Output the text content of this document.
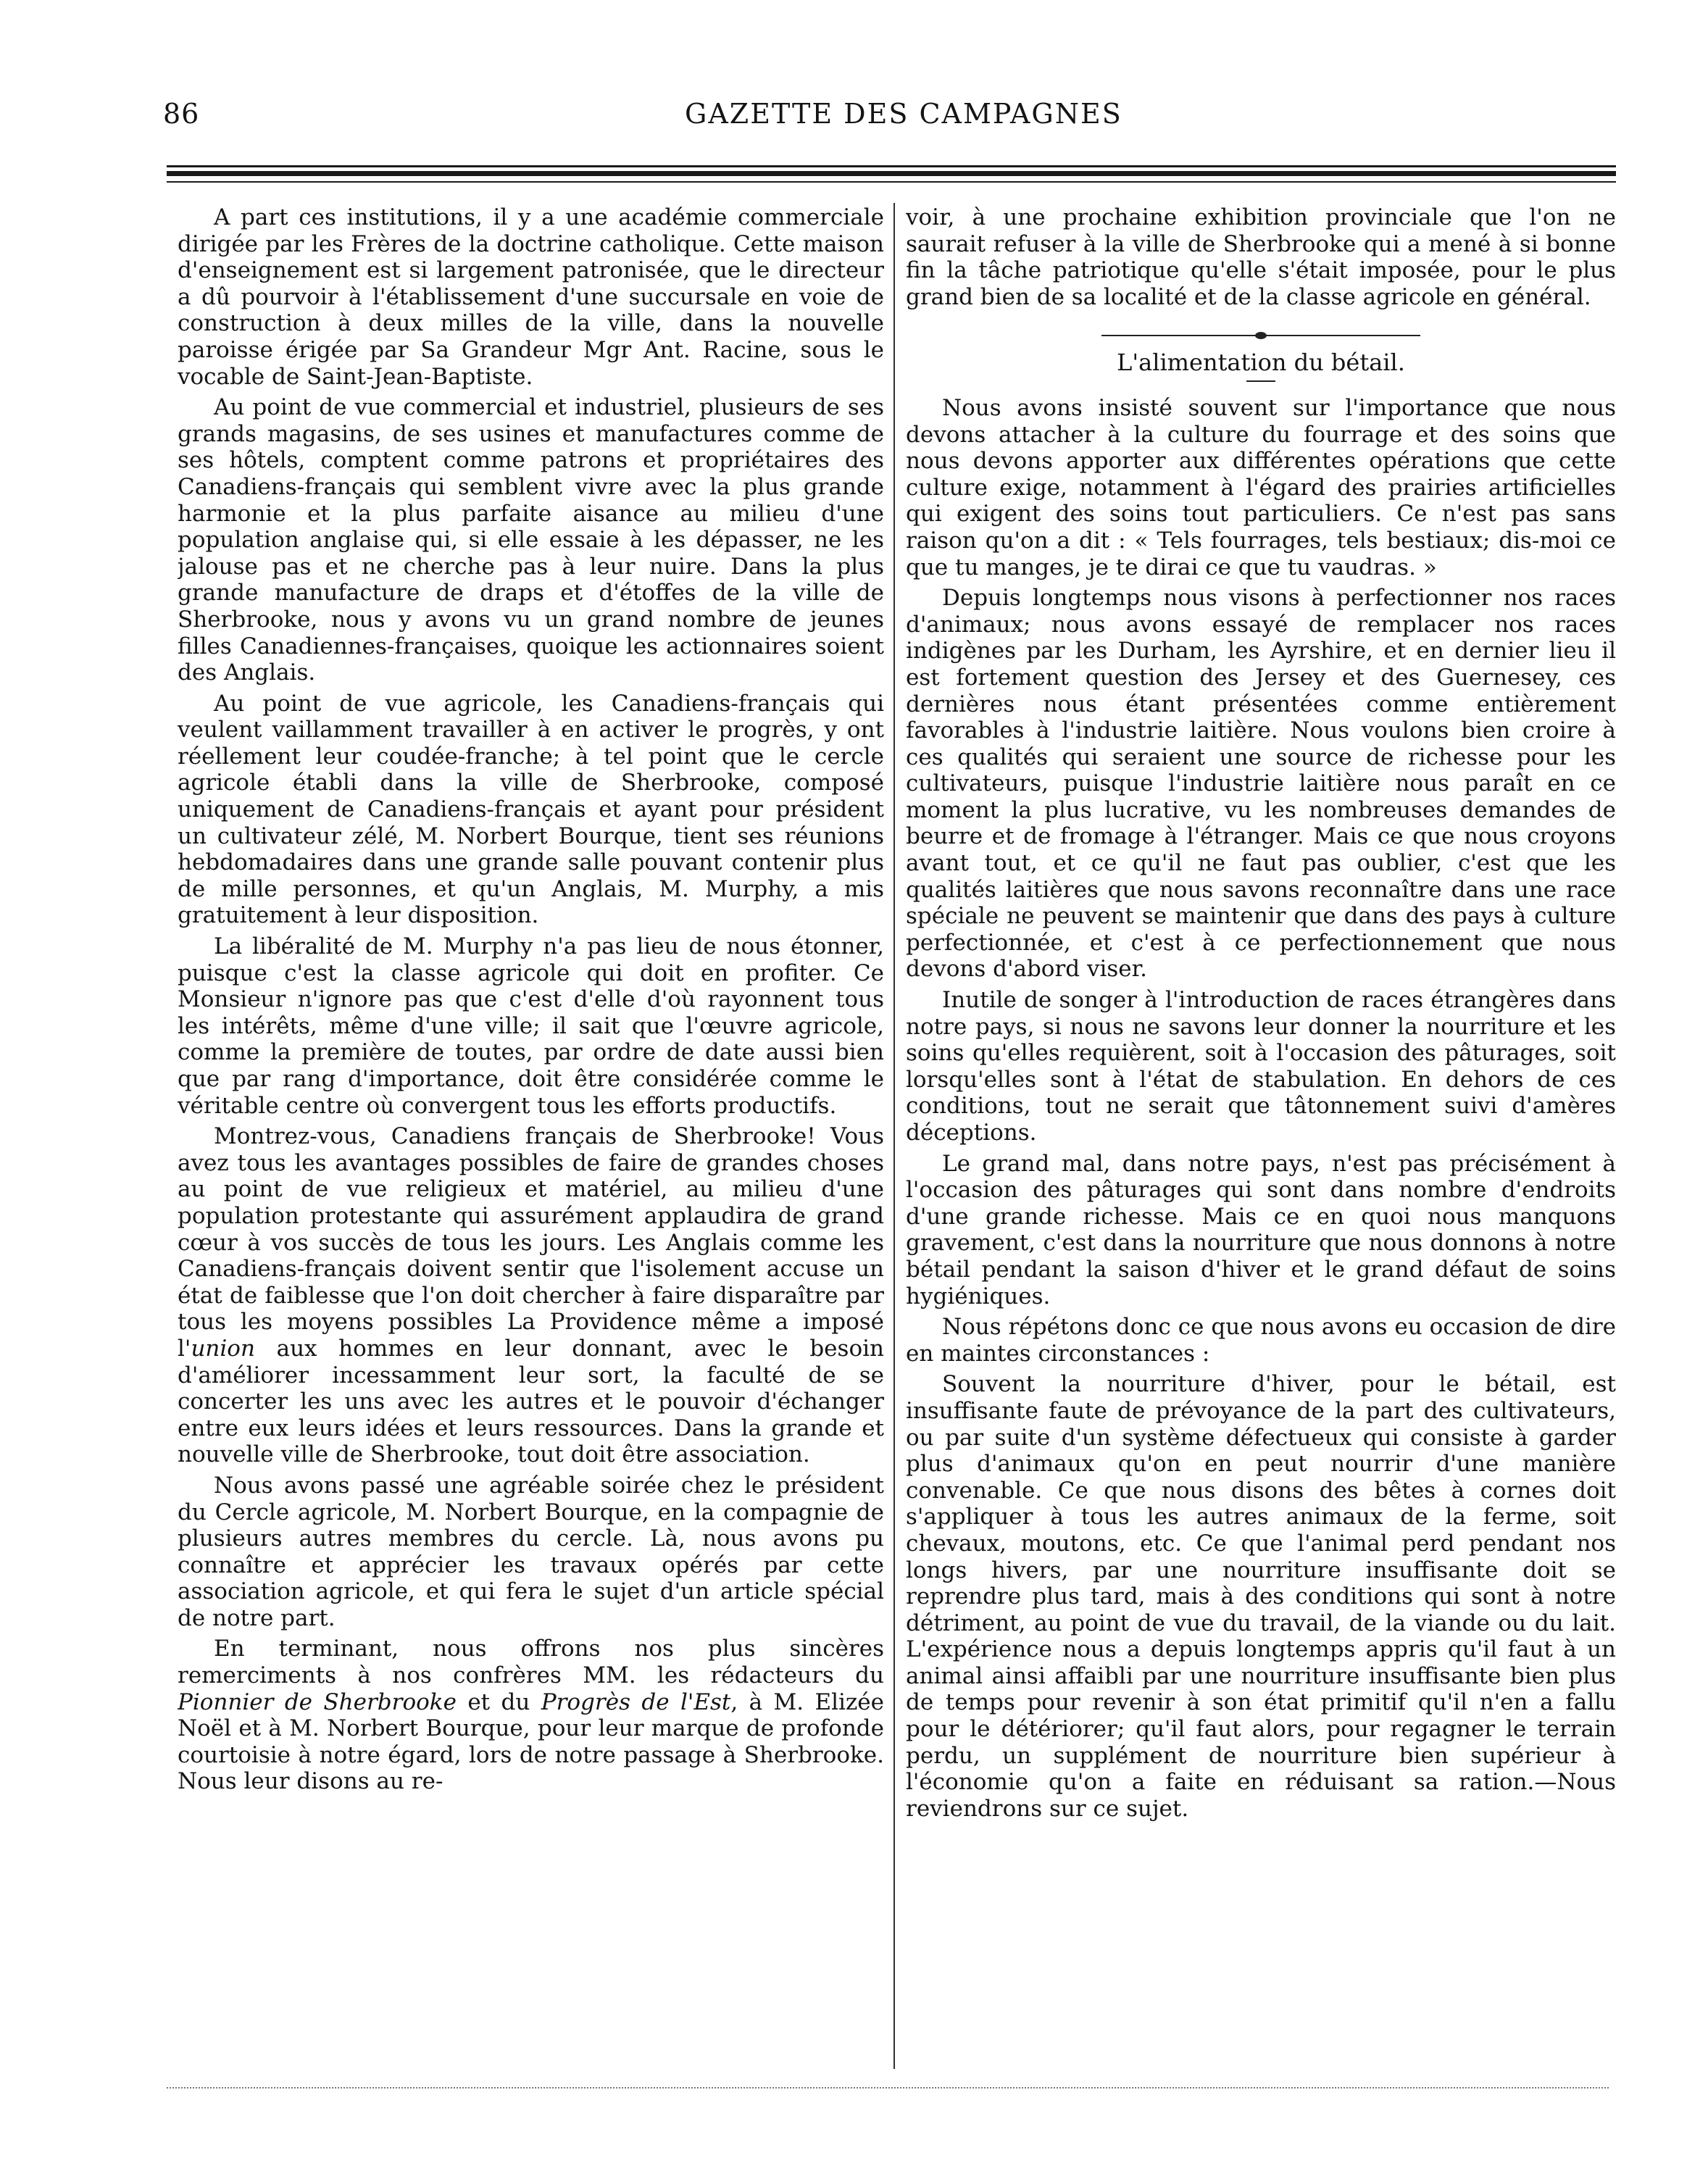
86	GAZETTE DES CAMPAGNES

A part ces institutions, il y a une académie commerciale dirigée par les Frères de la doctrine catholique. Cette maison d'enseignement est si largement patronisée, que le directeur a dû pourvoir à l'établissement d'une succursale en voie de construction à deux milles de la ville, dans la nouvelle paroisse érigée par Sa Grandeur Mgr Ant. Racine, sous le vocable de Saint-Jean-Baptiste.

Au point de vue commercial et industriel, plusieurs de ses grands magasins, de ses usines et manufactures comme de ses hôtels, comptent comme patrons et propriétaires des Canadiens-français qui semblent vivre avec la plus grande harmonie et la plus parfaite aisance au milieu d'une population anglaise qui, si elle essaie à les dépasser, ne les jalouse pas et ne cherche pas à leur nuire. Dans la plus grande manufacture de draps et d'étoffes de la ville de Sherbrooke, nous y avons vu un grand nombre de jeunes filles Canadiennes-françaises, quoique les actionnaires soient des Anglais.

Au point de vue agricole, les Canadiens-français qui veulent vaillamment travailler à en activer le progrès, y ont réellement leur coudée-franche; à tel point que le cercle agricole établi dans la ville de Sherbrooke, composé uniquement de Canadiens-français et ayant pour président un cultivateur zélé, M. Norbert Bourque, tient ses réunions hebdomadaires dans une grande salle pouvant contenir plus de mille personnes, et qu'un Anglais, M. Murphy, a mis gratuitement à leur disposition.

La libéralité de M. Murphy n'a pas lieu de nous étonner, puisque c'est la classe agricole qui doit en profiter. Ce Monsieur n'ignore pas que c'est d'elle d'où rayonnent tous les intérêts, même d'une ville; il sait que l'œuvre agricole, comme la première de toutes, par ordre de date aussi bien que par rang d'importance, doit être considérée comme le véritable centre où convergent tous les efforts productifs.

Montrez-vous, Canadiens français de Sherbrooke! Vous avez tous les avantages possibles de faire de grandes choses au point de vue religieux et matériel, au milieu d'une population protestante qui assurément applaudira de grand cœur à vos succès de tous les jours. Les Anglais comme les Canadiens-français doivent sentir que l'isolement accuse un état de faiblesse que l'on doit chercher à faire disparaître par tous les moyens possibles La Providence même a imposé l'union aux hommes en leur donnant, avec le besoin d'améliorer incessamment leur sort, la faculté de se concerter les uns avec les autres et le pouvoir d'échanger entre eux leurs idées et leurs ressources. Dans la grande et nouvelle ville de Sherbrooke, tout doit être association.

Nous avons passé une agréable soirée chez le président du Cercle agricole, M. Norbert Bourque, en la compagnie de plusieurs autres membres du cercle. Là, nous avons pu connaître et apprécier les travaux opérés par cette association agricole, et qui fera le sujet d'un article spécial de notre part.

En terminant, nous offrons nos plus sincères remerciments à nos confrères MM. les rédacteurs du Pionnier de Sherbrooke et du Progrès de l'Est, à M. Elizée Noël et à M. Norbert Bourque, pour leur marque de profonde courtoisie à notre égard, lors de notre passage à Sherbrooke. Nous leur disons au re-

voir, à une prochaine exhibition provinciale que l'on ne saurait refuser à la ville de Sherbrooke qui a mené à si bonne fin la tâche patriotique qu'elle s'était imposée, pour le plus grand bien de sa localité et de la classe agricole en général.

L'alimentation du bétail.

Nous avons insisté souvent sur l'importance que nous devons attacher à la culture du fourrage et des soins que nous devons apporter aux différentes opérations que cette culture exige, notamment à l'égard des prairies artificielles qui exigent des soins tout particuliers. Ce n'est pas sans raison qu'on a dit : « Tels fourrages, tels bestiaux; dis-moi ce que tu manges, je te dirai ce que tu vaudras. »

Depuis longtemps nous visons à perfectionner nos races d'animaux; nous avons essayé de remplacer nos races indigènes par les Durham, les Ayrshire, et en dernier lieu il est fortement question des Jersey et des Guernesey, ces dernières nous étant présentées comme entièrement favorables à l'industrie laitière. Nous voulons bien croire à ces qualités qui seraient une source de richesse pour les cultivateurs, puisque l'industrie laitière nous paraît en ce moment la plus lucrative, vu les nombreuses demandes de beurre et de fromage à l'étranger. Mais ce que nous croyons avant tout, et ce qu'il ne faut pas oublier, c'est que les qualités laitières que nous savons reconnaître dans une race spéciale ne peuvent se maintenir que dans des pays à culture perfectionnée, et c'est à ce perfectionnement que nous devons d'abord viser.

Inutile de songer à l'introduction de races étrangères dans notre pays, si nous ne savons leur donner la nourriture et les soins qu'elles requièrent, soit à l'occasion des pâturages, soit lorsqu'elles sont à l'état de stabulation. En dehors de ces conditions, tout ne serait que tâtonnement suivi d'amères déceptions.

Le grand mal, dans notre pays, n'est pas précisément à l'occasion des pâturages qui sont dans nombre d'endroits d'une grande richesse. Mais ce en quoi nous manquons gravement, c'est dans la nourriture que nous donnons à notre bétail pendant la saison d'hiver et le grand défaut de soins hygiéniques.

Nous répétons donc ce que nous avons eu occasion de dire en maintes circonstances :

Souvent la nourriture d'hiver, pour le bétail, est insuffisante faute de prévoyance de la part des cultivateurs, ou par suite d'un système défectueux qui consiste à garder plus d'animaux qu'on en peut nourrir d'une manière convenable. Ce que nous disons des bêtes à cornes doit s'appliquer à tous les autres animaux de la ferme, soit chevaux, moutons, etc. Ce que l'animal perd pendant nos longs hivers, par une nourriture insuffisante doit se reprendre plus tard, mais à des conditions qui sont à notre détriment, au point de vue du travail, de la viande ou du lait. L'expérience nous a depuis longtemps appris qu'il faut à un animal ainsi affaibli par une nourriture insuffisante bien plus de temps pour revenir à son état primitif qu'il n'en a fallu pour le détériorer; qu'il faut alors, pour regagner le terrain perdu, un supplément de nourriture bien supérieur à l'économie qu'on a faite en réduisant sa ration.—Nous reviendrons sur ce sujet.
